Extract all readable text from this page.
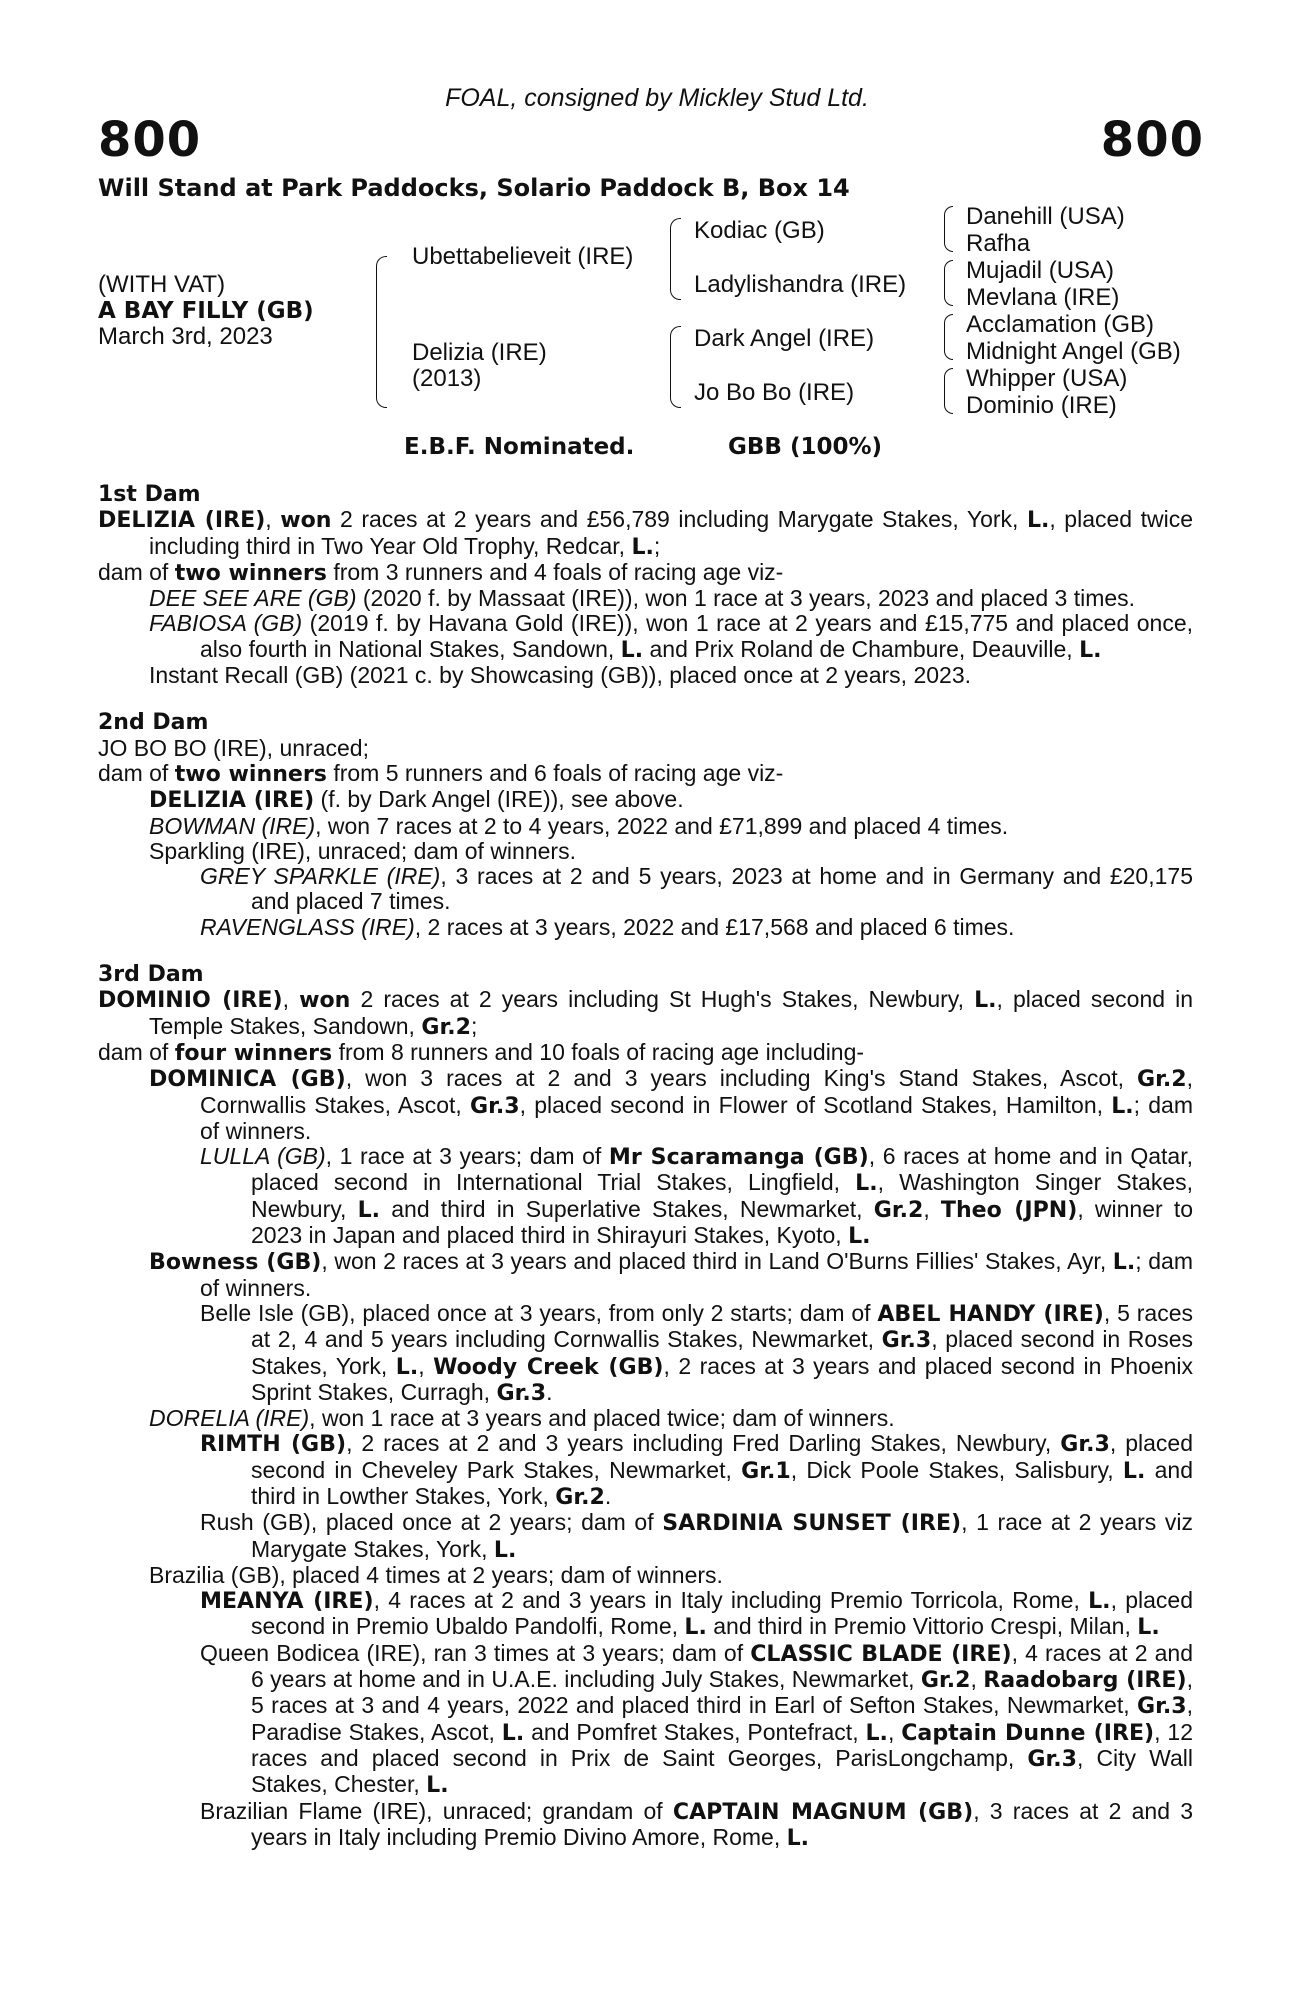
FOAL, consigned by Mickley Stud Ltd.
800	800
Will Stand at Park Paddocks, Solario Paddock B, Box 14
(WITH VAT)
A BAY FILLY (GB)
March 3rd, 2023
Ubettabelieveit (IRE)
Delizia (IRE)
(2013)
Kodiac (GB)
Ladylishandra (IRE)
Dark Angel (IRE)
Jo Bo Bo (IRE)
Danehill (USA)
Rafha
Mujadil (USA)
Mevlana (IRE)
Acclamation (GB)
Midnight Angel (GB)
Whipper (USA)
Dominio (IRE)
E.B.F. Nominated.	GBB (100%)
1st Dam
DELIZIA (IRE), won 2 races at 2 years and £56,789 including Marygate Stakes, York, L., placed twice including third in Two Year Old Trophy, Redcar, L.;
dam of two winners from 3 runners and 4 foals of racing age viz-
DEE SEE ARE (GB) (2020 f. by Massaat (IRE)), won 1 race at 3 years, 2023 and placed 3 times.
FABIOSA (GB) (2019 f. by Havana Gold (IRE)), won 1 race at 2 years and £15,775 and placed once, also fourth in National Stakes, Sandown, L. and Prix Roland de Chambure, Deauville, L.
Instant Recall (GB) (2021 c. by Showcasing (GB)), placed once at 2 years, 2023.
2nd Dam
JO BO BO (IRE), unraced;
dam of two winners from 5 runners and 6 foals of racing age viz-
DELIZIA (IRE) (f. by Dark Angel (IRE)), see above.
BOWMAN (IRE), won 7 races at 2 to 4 years, 2022 and £71,899 and placed 4 times.
Sparkling (IRE), unraced; dam of winners.
GREY SPARKLE (IRE), 3 races at 2 and 5 years, 2023 at home and in Germany and £20,175 and placed 7 times.
RAVENGLASS (IRE), 2 races at 3 years, 2022 and £17,568 and placed 6 times.
3rd Dam
DOMINIO (IRE), won 2 races at 2 years including St Hugh's Stakes, Newbury, L., placed second in Temple Stakes, Sandown, Gr.2;
dam of four winners from 8 runners and 10 foals of racing age including-
DOMINICA (GB), won 3 races at 2 and 3 years including King's Stand Stakes, Ascot, Gr.2, Cornwallis Stakes, Ascot, Gr.3, placed second in Flower of Scotland Stakes, Hamilton, L.; dam of winners.
LULLA (GB), 1 race at 3 years; dam of Mr Scaramanga (GB), 6 races at home and in Qatar, placed second in International Trial Stakes, Lingfield, L., Washington Singer Stakes, Newbury, L. and third in Superlative Stakes, Newmarket, Gr.2, Theo (JPN), winner to 2023 in Japan and placed third in Shirayuri Stakes, Kyoto, L.
Bowness (GB), won 2 races at 3 years and placed third in Land O'Burns Fillies' Stakes, Ayr, L.; dam of winners.
Belle Isle (GB), placed once at 3 years, from only 2 starts; dam of ABEL HANDY (IRE), 5 races at 2, 4 and 5 years including Cornwallis Stakes, Newmarket, Gr.3, placed second in Roses Stakes, York, L., Woody Creek (GB), 2 races at 3 years and placed second in Phoenix Sprint Stakes, Curragh, Gr.3.
DORELIA (IRE), won 1 race at 3 years and placed twice; dam of winners.
RIMTH (GB), 2 races at 2 and 3 years including Fred Darling Stakes, Newbury, Gr.3, placed second in Cheveley Park Stakes, Newmarket, Gr.1, Dick Poole Stakes, Salisbury, L. and third in Lowther Stakes, York, Gr.2.
Rush (GB), placed once at 2 years; dam of SARDINIA SUNSET (IRE), 1 race at 2 years viz Marygate Stakes, York, L.
Brazilia (GB), placed 4 times at 2 years; dam of winners.
MEANYA (IRE), 4 races at 2 and 3 years in Italy including Premio Torricola, Rome, L., placed second in Premio Ubaldo Pandolfi, Rome, L. and third in Premio Vittorio Crespi, Milan, L.
Queen Bodicea (IRE), ran 3 times at 3 years; dam of CLASSIC BLADE (IRE), 4 races at 2 and 6 years at home and in U.A.E. including July Stakes, Newmarket, Gr.2, Raadobarg (IRE), 5 races at 3 and 4 years, 2022 and placed third in Earl of Sefton Stakes, Newmarket, Gr.3, Paradise Stakes, Ascot, L. and Pomfret Stakes, Pontefract, L., Captain Dunne (IRE), 12 races and placed second in Prix de Saint Georges, ParisLongchamp, Gr.3, City Wall Stakes, Chester, L.
Brazilian Flame (IRE), unraced; grandam of CAPTAIN MAGNUM (GB), 3 races at 2 and 3 years in Italy including Premio Divino Amore, Rome, L.
